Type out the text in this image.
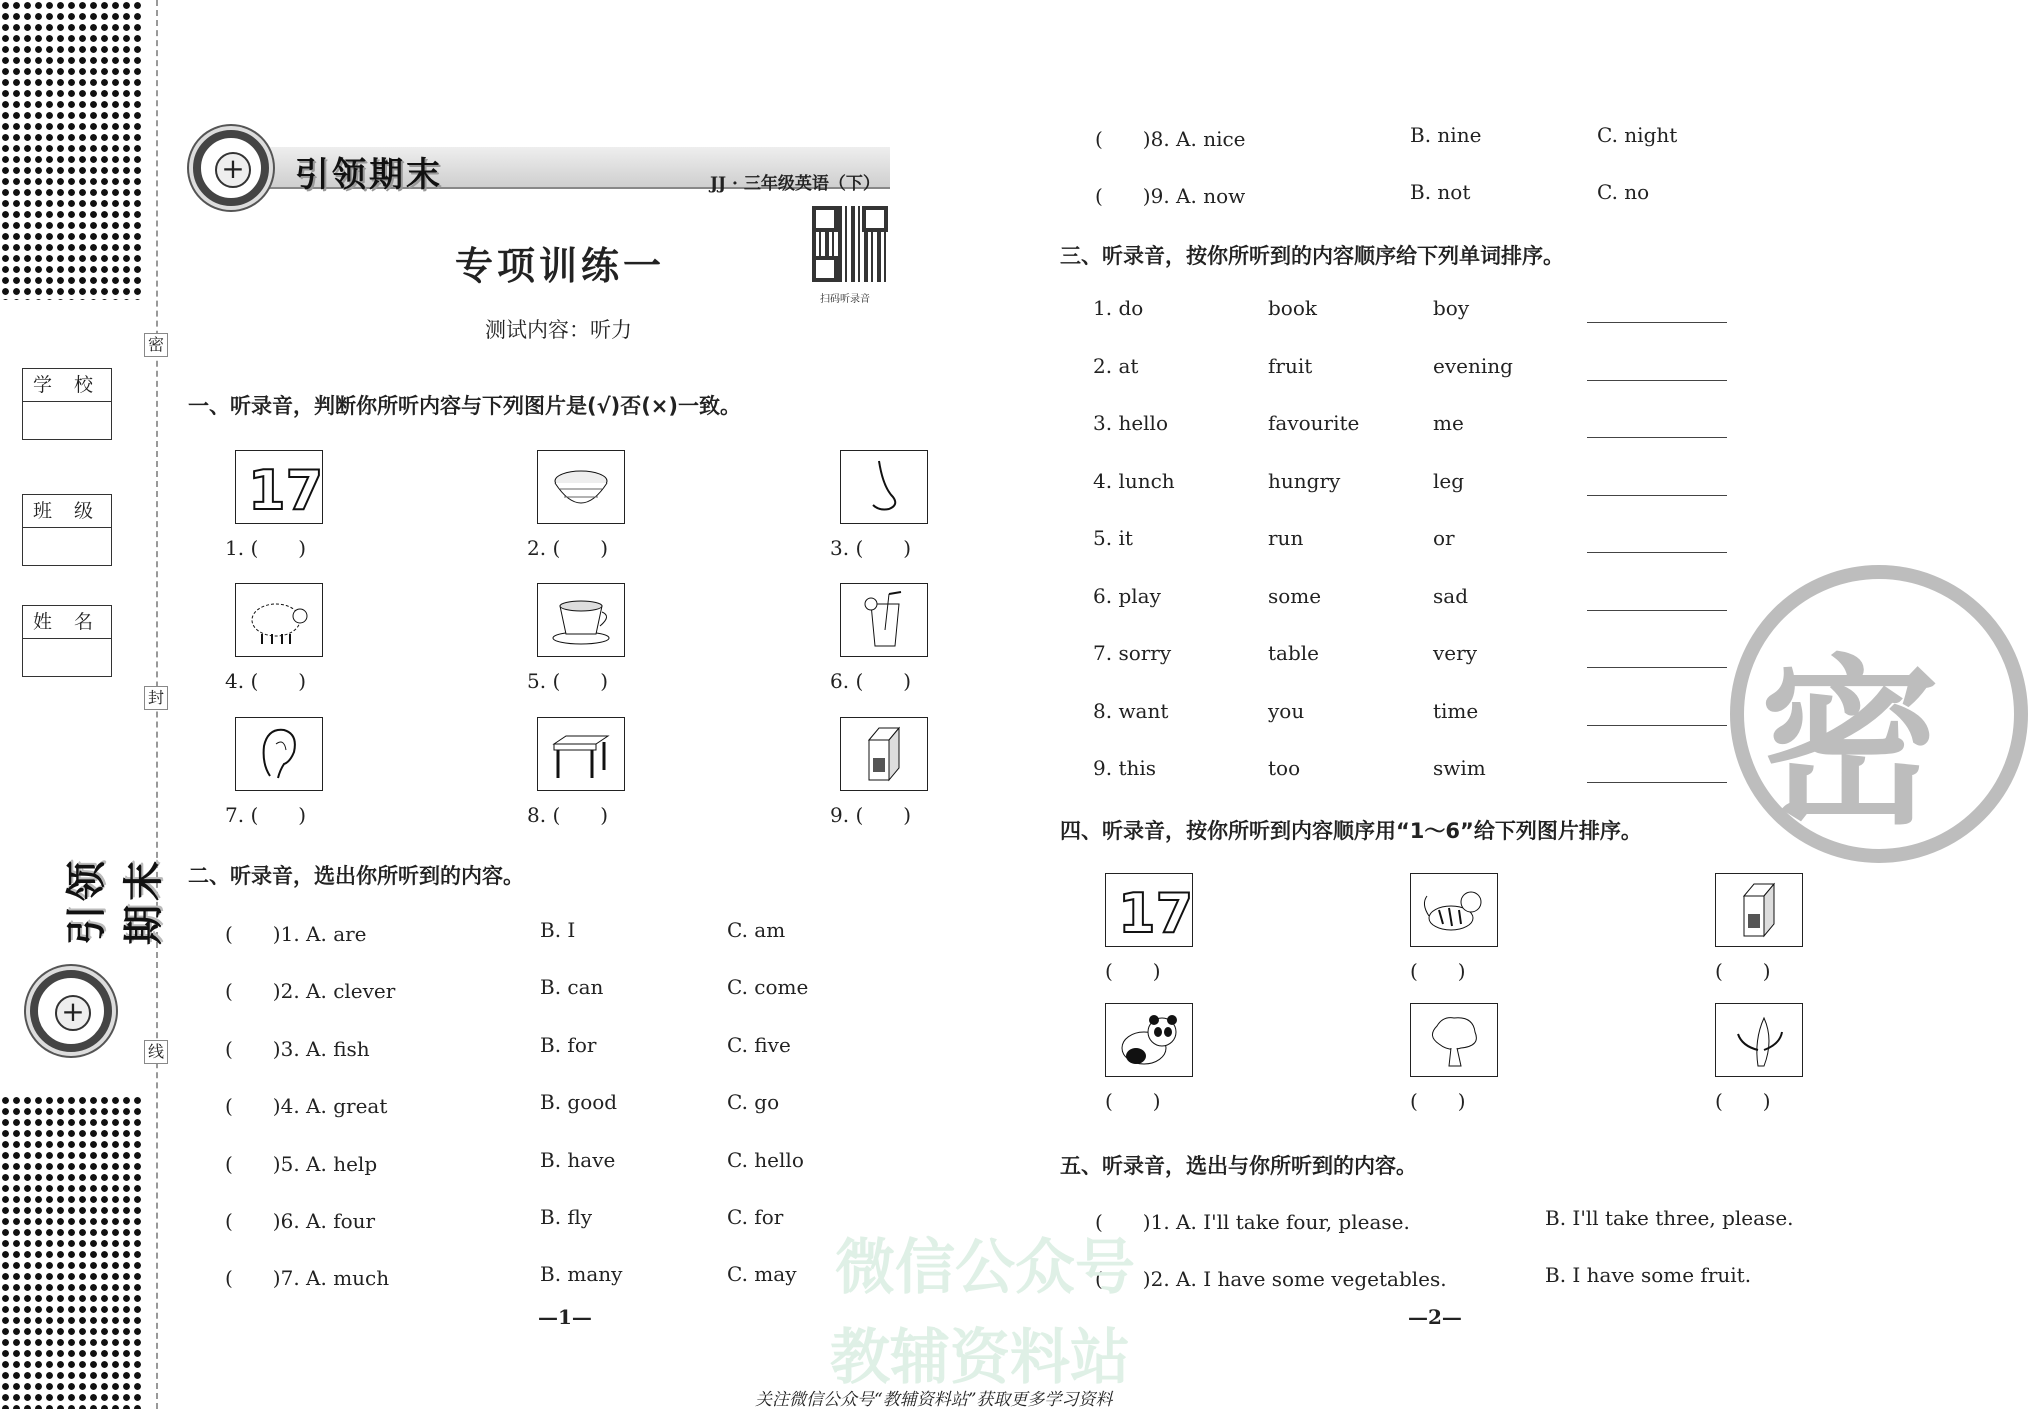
密
封
线
学 校
班 级
姓 名
引领期末
+
引领期末	JJ · 三年级英语（下）
+
专项训练一
测试内容：听力
扫码听录音
一、听录音，判断你所听内容与下列图片是(√)否(×)一致。
二、听录音，选出你所听到的内容。
三、听录音，按你所听到的内容顺序给下列单词排序。
四、听录音，按你所听到内容顺序用“1～6”给下列图片排序。
五、听录音，选出与你所听到的内容。
(　　)1. A. I'll take four, please.	B. I'll take three, please.
(　　)2. A. I have some vegetables.	B. I have some fruit.
—1—	—2—
密
微信公众号
教辅资料站
关注微信公众号“教辅资料站”获取更多学习资料
17
1. (　　)	2. (　　)	3. (　　)
4. (　　)	5. (　　)	6. (　　)
7. (　　)	8. (　　)	9. (　　)
(　　)1. A. are	B. I	C. am
(　　)2. A. clever	B. can	C. come
(　　)3. A. fish	B. for	C. five
(　　)4. A. great	B. good	C. go
(　　)5. A. help	B. have	C. hello
(　　)6. A. four	B. fly	C. for
(　　)7. A. much	B. many	C. may
(　　)8. A. nice	B. nine	C. night
(　　)9. A. now	B. not	C. no
1. do	book	boy
2. at	fruit	evening
3. hello	favourite	me
4. lunch	hungry	leg
5. it	run	or
6. play	some	sad
7. sorry	table	very
8. want	you	time
9. this	too	swim
17
(　　)	(　　)	(　　)
(　　)	(　　)	(　　)
